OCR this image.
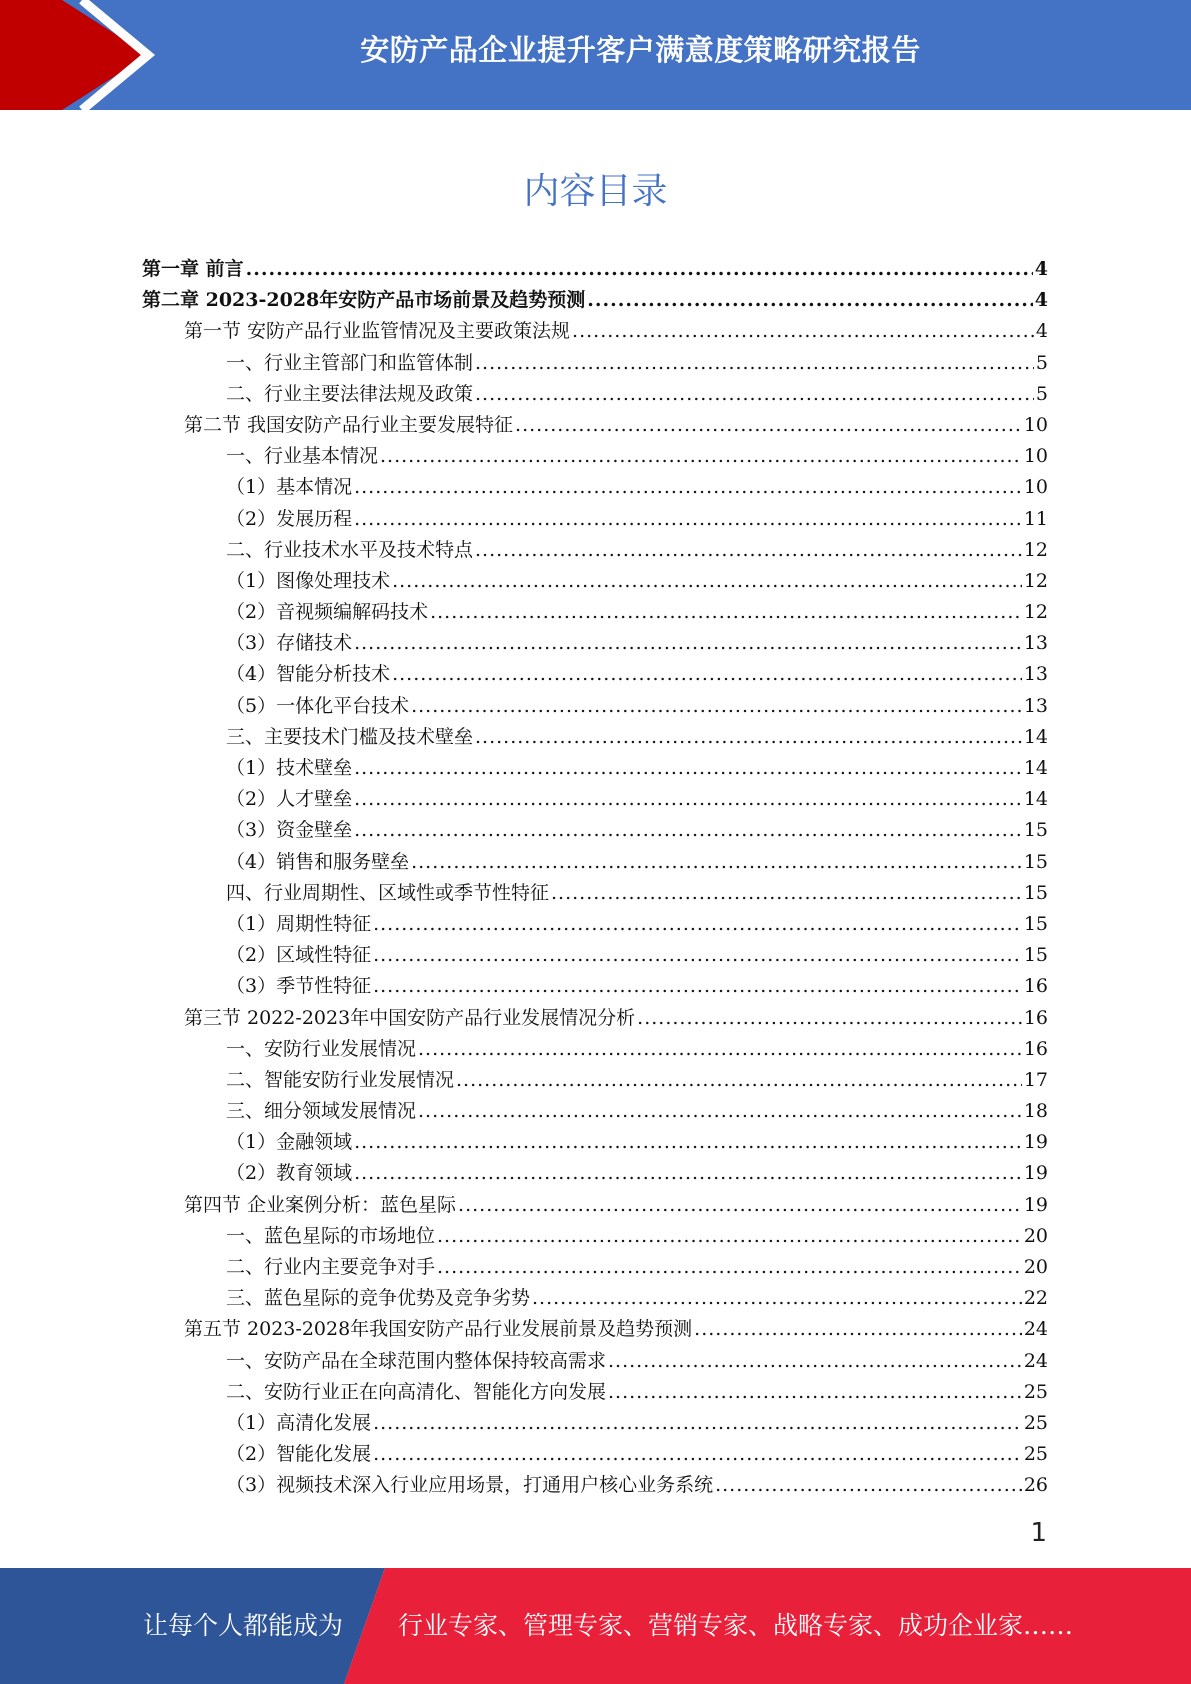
安防产品企业提升客户满意度策略研究报告
内容目录
第一章 前言 .....	4
第二章 2023-2028年安防产品市场前景及趋势预测 .....	4
第一节 安防产品行业监管情况及主要政策法规 .....	4
一、行业主管部门和监管体制 .....	5
二、行业主要法律法规及政策 .....	5
第二节 我国安防产品行业主要发展特征 .....	10
一、行业基本情况 .....	10
（1）基本情况 .....	10
（2）发展历程 .....	11
二、行业技术水平及技术特点 .....	12
（1）图像处理技术 .....	12
（2）音视频编解码技术 .....	12
（3）存储技术 .....	13
（4）智能分析技术 .....	13
（5）一体化平台技术 .....	13
三、主要技术门槛及技术壁垒 .....	14
（1）技术壁垒 .....	14
（2）人才壁垒 .....	14
（3）资金壁垒 .....	15
（4）销售和服务壁垒 .....	15
四、行业周期性、区域性或季节性特征 .....	15
（1）周期性特征 .....	15
（2）区域性特征 .....	15
（3）季节性特征 .....	16
第三节 2022-2023年中国安防产品行业发展情况分析 .....	16
一、安防行业发展情况 .....	16
二、智能安防行业发展情况 .....	17
三、细分领域发展情况 .....	18
（1）金融领域 .....	19
（2）教育领域 .....	19
第四节 企业案例分析：蓝色星际 .....	19
一、蓝色星际的市场地位 .....	20
二、行业内主要竞争对手 .....	20
三、蓝色星际的竞争优势及竞争劣势 .....	22
第五节 2023-2028年我国安防产品行业发展前景及趋势预测 .....	24
一、安防产品在全球范围内整体保持较高需求 .....	24
二、安防行业正在向高清化、智能化方向发展 .....	25
（1）高清化发展 .....	25
（2）智能化发展 .....	25
（3）视频技术深入行业应用场景，打通用户核心业务系统 .....	26
1
让每个人都能成为 行业专家、管理专家、营销专家、战略专家、成功企业家……
